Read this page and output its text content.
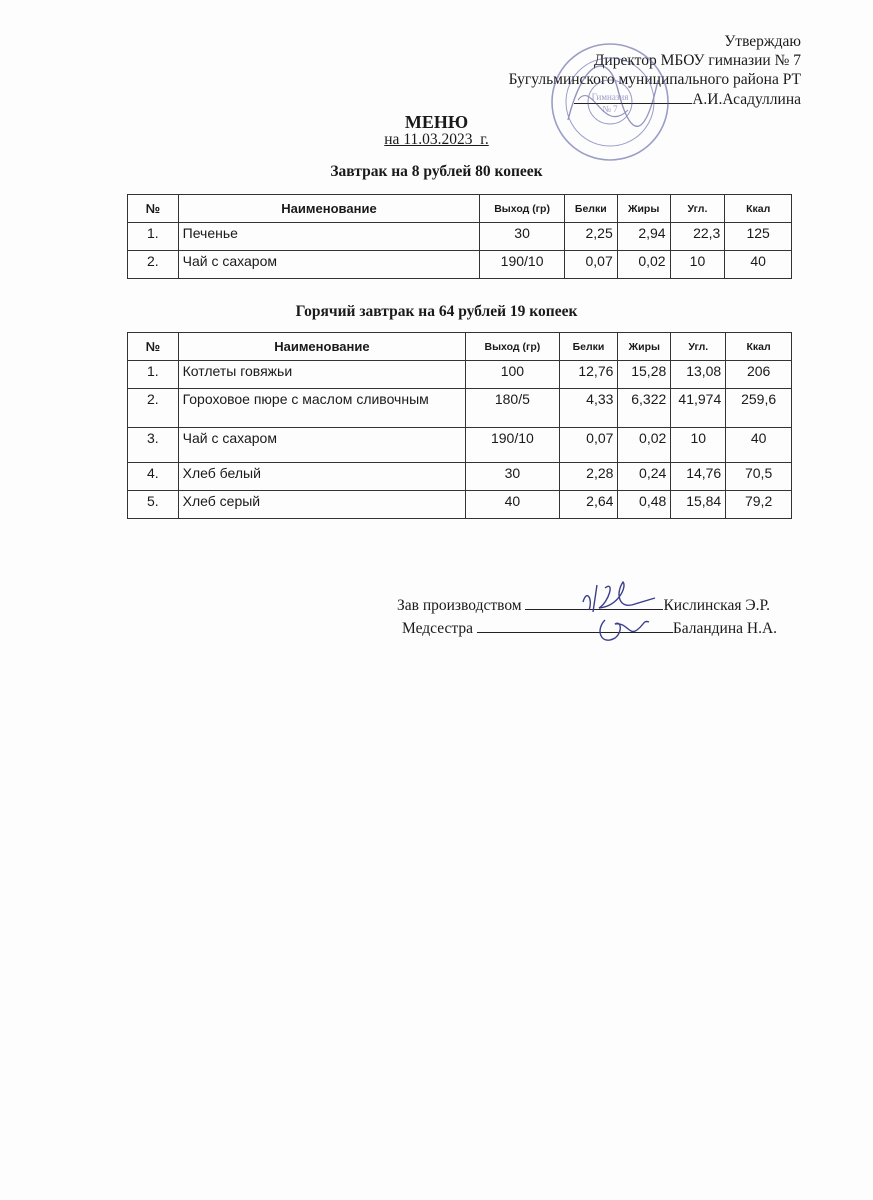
Утверждаю
Директор МБОУ гимназии № 7
Бугульминского муниципального района РТ
А.И.Асадуллина
Гимназия
№ 7
МЕНЮ
на 11.03.2023_г.
Завтрак на 8 рублей 80 копеек
№	Наименование	Выход (гр)	Белки	Жиры	Угл.	Ккал
1.	Печенье	30	2,25	2,94	22,3	125
2.	Чай с сахаром	190/10	0,07	0,02	10	40
Горячий завтрак на 64 рублей 19 копеек
№	Наименование	Выход (гр)	Белки	Жиры	Угл.	Ккал
1.	Котлеты говяжьи	100	12,76	15,28	13,08	206
2.	Гороховое пюре с маслом сливочным	180/5	4,33	6,322	41,974	259,6
3.	Чай с сахаром	190/10	0,07	0,02	10	40
4.	Хлеб белый	30	2,28	0,24	14,76	70,5
5.	Хлеб серый	40	2,64	0,48	15,84	79,2
Зав производством	Кислинская Э.Р.
Медсестра	Баландина Н.А.
